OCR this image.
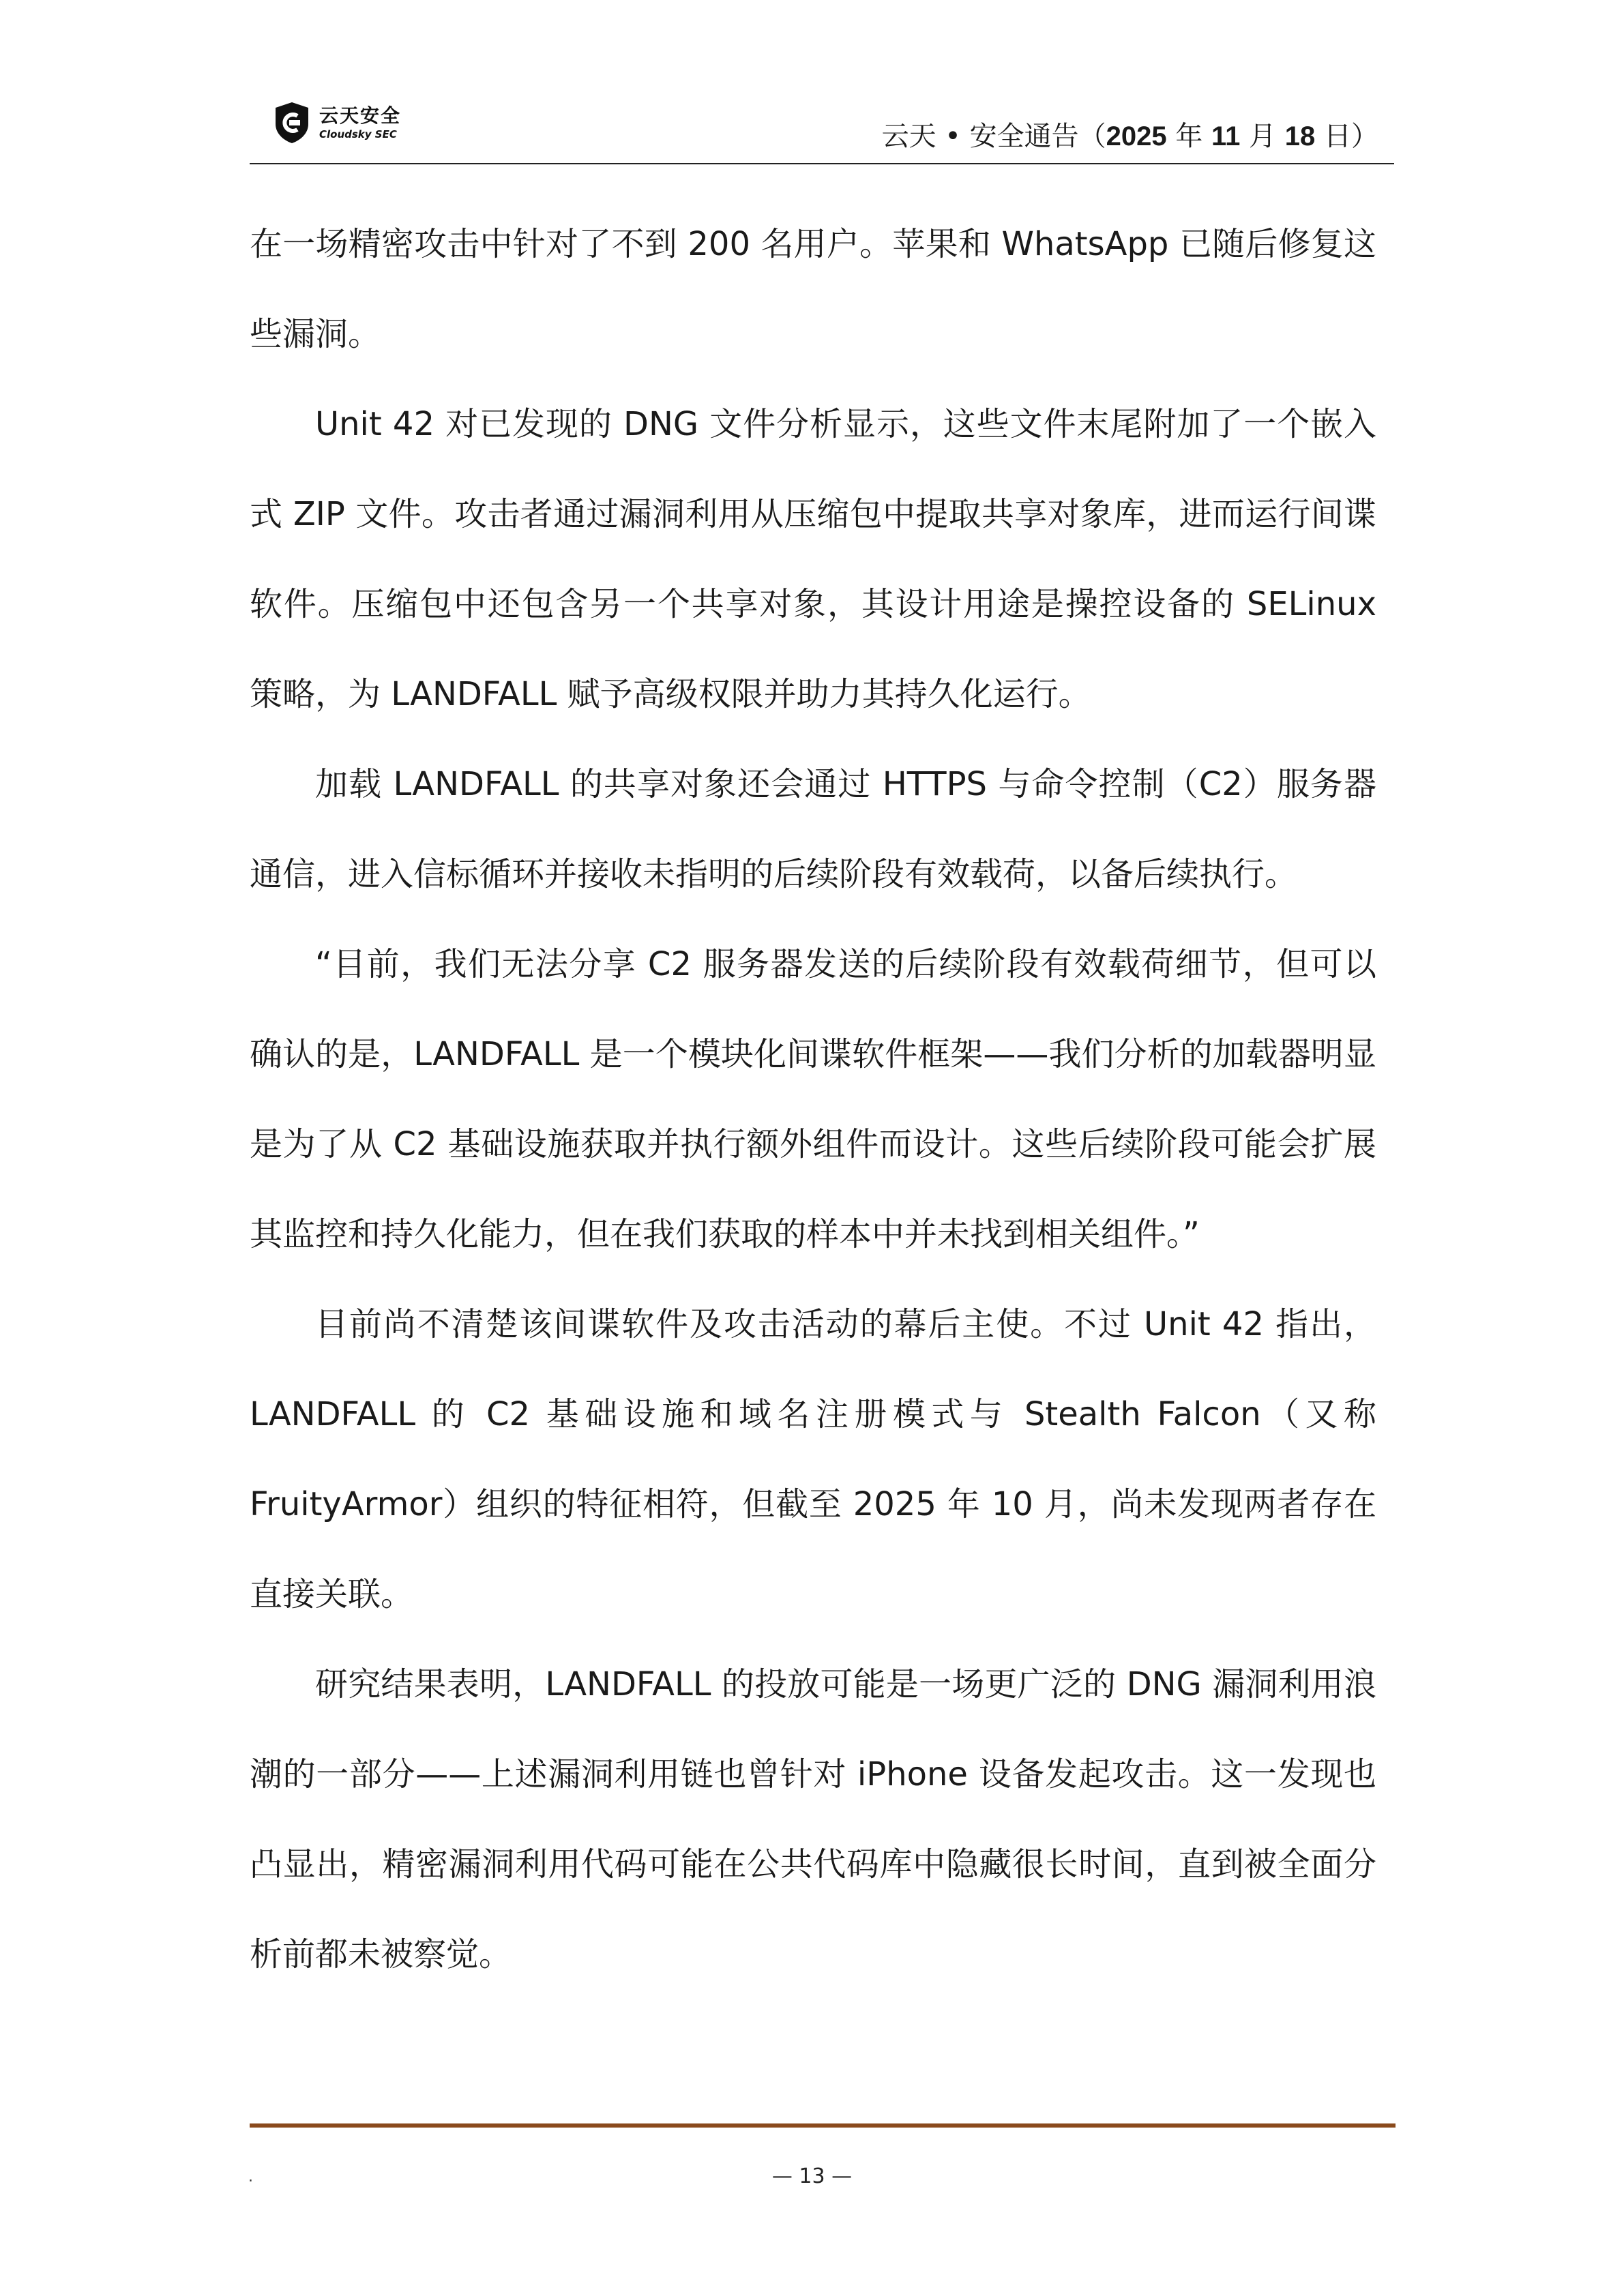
云天安全
Cloudsky SEC	云天 • 安全通告（2025 年 11 月 18 日）

在一场精密攻击中针对了不到 200 名用户。苹果和 WhatsApp 已随后修复这些漏洞。

Unit 42 对已发现的 DNG 文件分析显示，这些文件末尾附加了一个嵌入式 ZIP 文件。攻击者通过漏洞利用从压缩包中提取共享对象库，进而运行间谍软件。压缩包中还包含另一个共享对象，其设计用途是操控设备的 SELinux 策略，为 LANDFALL 赋予高级权限并助力其持久化运行。

加载 LANDFALL 的共享对象还会通过 HTTPS 与命令控制（C2）服务器通信，进入信标循环并接收未指明的后续阶段有效载荷，以备后续执行。

“目前，我们无法分享 C2 服务器发送的后续阶段有效载荷细节，但可以确认的是，LANDFALL 是一个模块化间谍软件框架——我们分析的加载器明显是为了从 C2 基础设施获取并执行额外组件而设计。这些后续阶段可能会扩展其监控和持久化能力，但在我们获取的样本中并未找到相关组件。”

目前尚不清楚该间谍软件及攻击活动的幕后主使。不过 Unit 42 指出，LANDFALL 的 C2 基础设施和域名注册模式与 Stealth Falcon（又称 FruityArmor）组织的特征相符，但截至 2025 年 10 月，尚未发现两者存在直接关联。

研究结果表明，LANDFALL 的投放可能是一场更广泛的 DNG 漏洞利用浪潮的一部分——上述漏洞利用链也曾针对 iPhone 设备发起攻击。这一发现也凸显出，精密漏洞利用代码可能在公共代码库中隐藏很长时间，直到被全面分析前都未被察觉。

.	— 13 —
